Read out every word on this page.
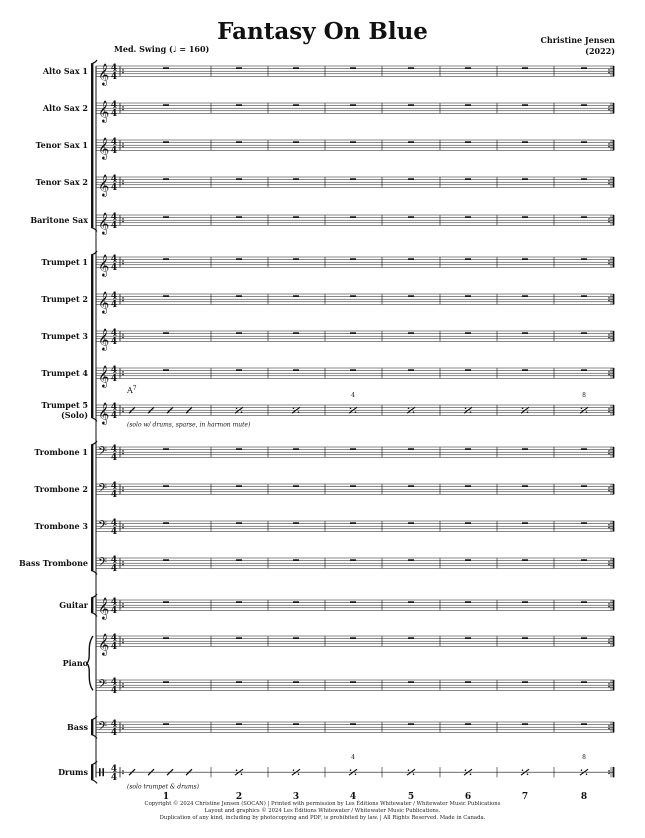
Fantasy On Blue	Christine Jensen
(2022)
Med. Swing (♩ = 160)
Alto Sax 1 𝄞 4
4
Alto Sax 2 𝄞 4
4
Tenor Sax 1 𝄞 4
4
Tenor Sax 2 𝄞 4
4
Baritone Sax 𝄞 4
4
Trumpet 1 𝄞 4
4
Trumpet 2 𝄞 4
4
Trumpet 3 𝄞 4
4
Trumpet 4 𝄞 4
4
Trumpet 5
(Solo) 𝄞 4
4
4	8
$A^7$
(solo w/ drums, sparse, in harmon mute)
Trombone 1 𝄢 4
4
Trombone 2 𝄢 4
4
Trombone 3 𝄢 4
4
Bass Trombone 𝄢 4
4
Guitar 𝄞 4
4
Piano
𝄞 4
4
𝄢 4
4
Bass 𝄢 4
4
Drums	4
4
4	8
(solo trumpet & drums)
1	2	3	4	5	6	7	8
Copyright © 2024 Christine Jensen (SOCAN) | Printed with permission by Les Éditions Whitewater / Whitewater Music Publications
Layout and graphics © 2024 Les Éditions Whitewater / Whitewater Music Publications.
Duplication of any kind, including by photocopying and PDF, is prohibited by law. | All Rights Reserved. Made in Canada.
